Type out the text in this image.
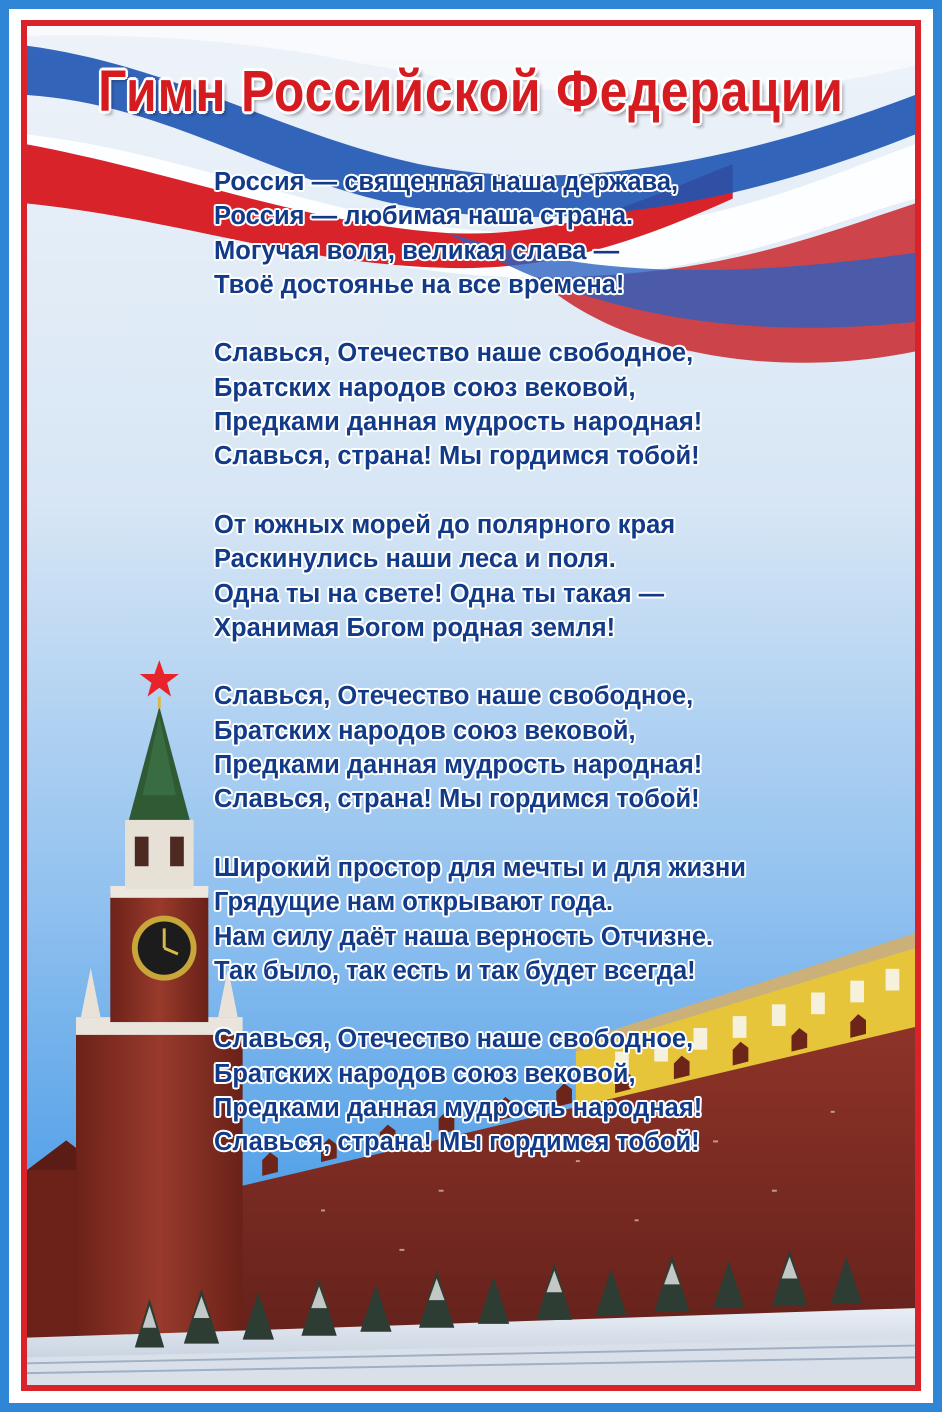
Гимн Российской Федерации
Россия — священная наша держава,
Россия — любимая наша страна.
Могучая воля, великая слава —
Твоё достоянье на все времена!
Славься, Отечество наше свободное,
Братских народов союз вековой,
Предками данная мудрость народная!
Славься, страна! Мы гордимся тобой!
От южных морей до полярного края
Раскинулись наши леса и поля.
Одна ты на свете! Одна ты такая —
Хранимая Богом родная земля!
Славься, Отечество наше свободное,
Братских народов союз вековой,
Предками данная мудрость народная!
Славься, страна! Мы гордимся тобой!
Широкий простор для мечты и для жизни
Грядущие нам открывают года.
Нам силу даёт наша верность Отчизне.
Так было, так есть и так будет всегда!
Славься, Отечество наше свободное,
Братских народов союз вековой,
Предками данная мудрость народная!
Славься, страна! Мы гордимся тобой!
